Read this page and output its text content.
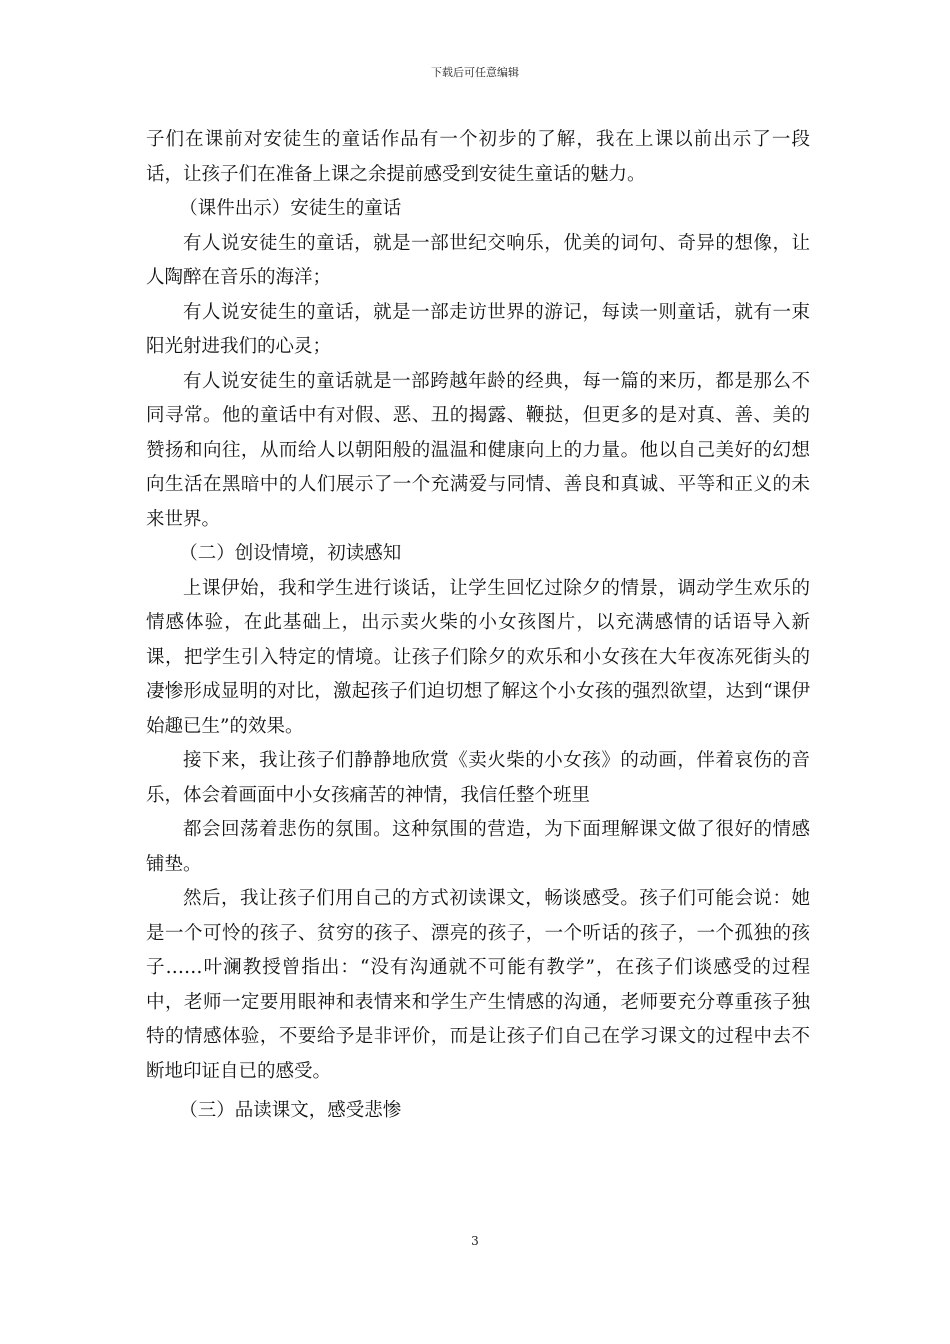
下载后可任意编辑

子们在课前对安徒生的童话作品有一个初步的了解，我在上课以前出示了一段话，让孩子们在准备上课之余提前感受到安徒生童话的魅力。

（课件出示）安徒生的童话

有人说安徒生的童话，就是一部世纪交响乐，优美的词句、奇异的想像，让人陶醉在音乐的海洋；

有人说安徒生的童话，就是一部走访世界的游记，每读一则童话，就有一束阳光射进我们的心灵；

有人说安徒生的童话就是一部跨越年龄的经典，每一篇的来历，都是那么不同寻常。他的童话中有对假、恶、丑的揭露、鞭挞，但更多的是对真、善、美的赞扬和向往，从而给人以朝阳般的温温和健康向上的力量。他以自己美好的幻想向生活在黑暗中的人们展示了一个充满爱与同情、善良和真诚、平等和正义的未来世界。

（二）创设情境，初读感知

上课伊始，我和学生进行谈话，让学生回忆过除夕的情景，调动学生欢乐的情感体验，在此基础上，出示卖火柴的小女孩图片，以充满感情的话语导入新课，把学生引入特定的情境。让孩子们除夕的欢乐和小女孩在大年夜冻死街头的凄惨形成显明的对比，激起孩子们迫切想了解这个小女孩的强烈欲望，达到“课伊始趣已生”的效果。

接下来，我让孩子们静静地欣赏《卖火柴的小女孩》的动画，伴着哀伤的音乐，体会着画面中小女孩痛苦的神情，我信任整个班里

都会回荡着悲伤的氛围。这种氛围的营造，为下面理解课文做了很好的情感铺垫。

然后，我让孩子们用自己的方式初读课文，畅谈感受。孩子们可能会说：她是一个可怜的孩子、贫穷的孩子、漂亮的孩子，一个听话的孩子，一个孤独的孩子……叶澜教授曾指出：“没有沟通就不可能有教学”，在孩子们谈感受的过程中，老师一定要用眼神和表情来和学生产生情感的沟通，老师要充分尊重孩子独特的情感体验，不要给予是非评价，而是让孩子们自己在学习课文的过程中去不断地印证自已的感受。

（三）品读课文，感受悲惨

3
